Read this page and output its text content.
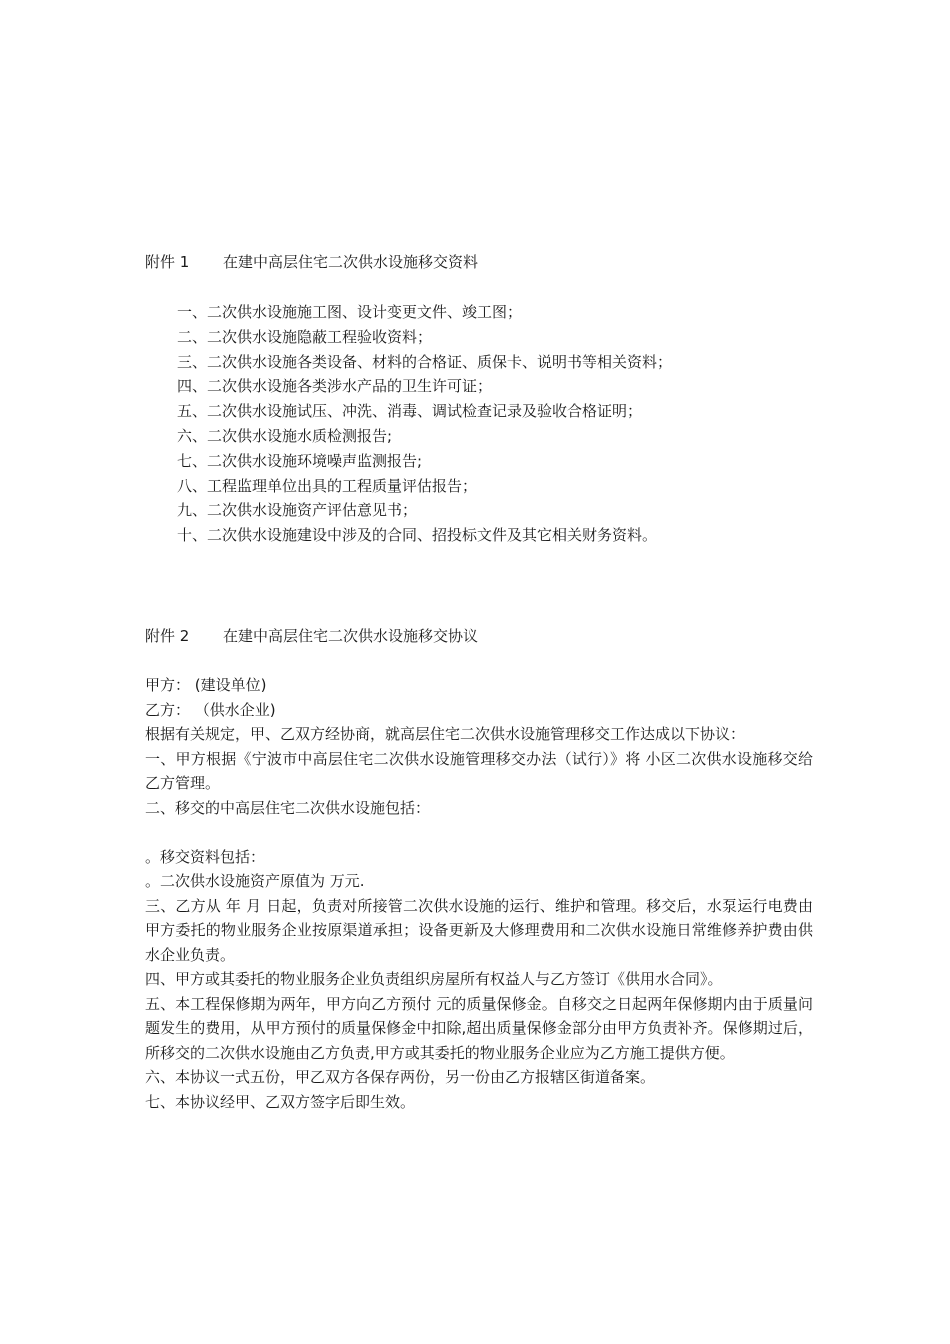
附件 1 在建中高层住宅二次供水设施移交资料
一、二次供水设施施工图、设计变更文件、竣工图；
二、二次供水设施隐蔽工程验收资料；
三、二次供水设施各类设备、材料的合格证、质保卡、说明书等相关资料；
四、二次供水设施各类涉水产品的卫生许可证；
五、二次供水设施试压、冲洗、消毒、调试检查记录及验收合格证明；
六、二次供水设施水质检测报告;
七、二次供水设施环境噪声监测报告;
八、工程监理单位出具的工程质量评估报告；
九、二次供水设施资产评估意见书；
十、二次供水设施建设中涉及的合同、招投标文件及其它相关财务资料。
附件 2 在建中高层住宅二次供水设施移交协议

甲方： (建设单位)

乙方： （供水企业)

根据有关规定，甲、乙双方经协商，就高层住宅二次供水设施管理移交工作达成以下协议：

一、甲方根据《宁波市中高层住宅二次供水设施管理移交办法（试行）》将 小区二次供水设施移交给乙方管理。

二、移交的中高层住宅二次供水设施包括：

。移交资料包括：

。二次供水设施资产原值为 万元.

三、乙方从 年 月 日起，负责对所接管二次供水设施的运行、维护和管理。移交后，水泵运行电费由甲方委托的物业服务企业按原渠道承担；设备更新及大修理费用和二次供水设施日常维修养护费由供水企业负责。

四、甲方或其委托的物业服务企业负责组织房屋所有权益人与乙方签订《供用水合同》。

五、本工程保修期为两年，甲方向乙方预付 元的质量保修金。自移交之日起两年保修期内由于质量问题发生的费用，从甲方预付的质量保修金中扣除,超出质量保修金部分由甲方负责补齐。保修期过后，所移交的二次供水设施由乙方负责,甲方或其委托的物业服务企业应为乙方施工提供方便。

六、本协议一式五份，甲乙双方各保存两份，另一份由乙方报辖区街道备案。

七、本协议经甲、乙双方签字后即生效。
